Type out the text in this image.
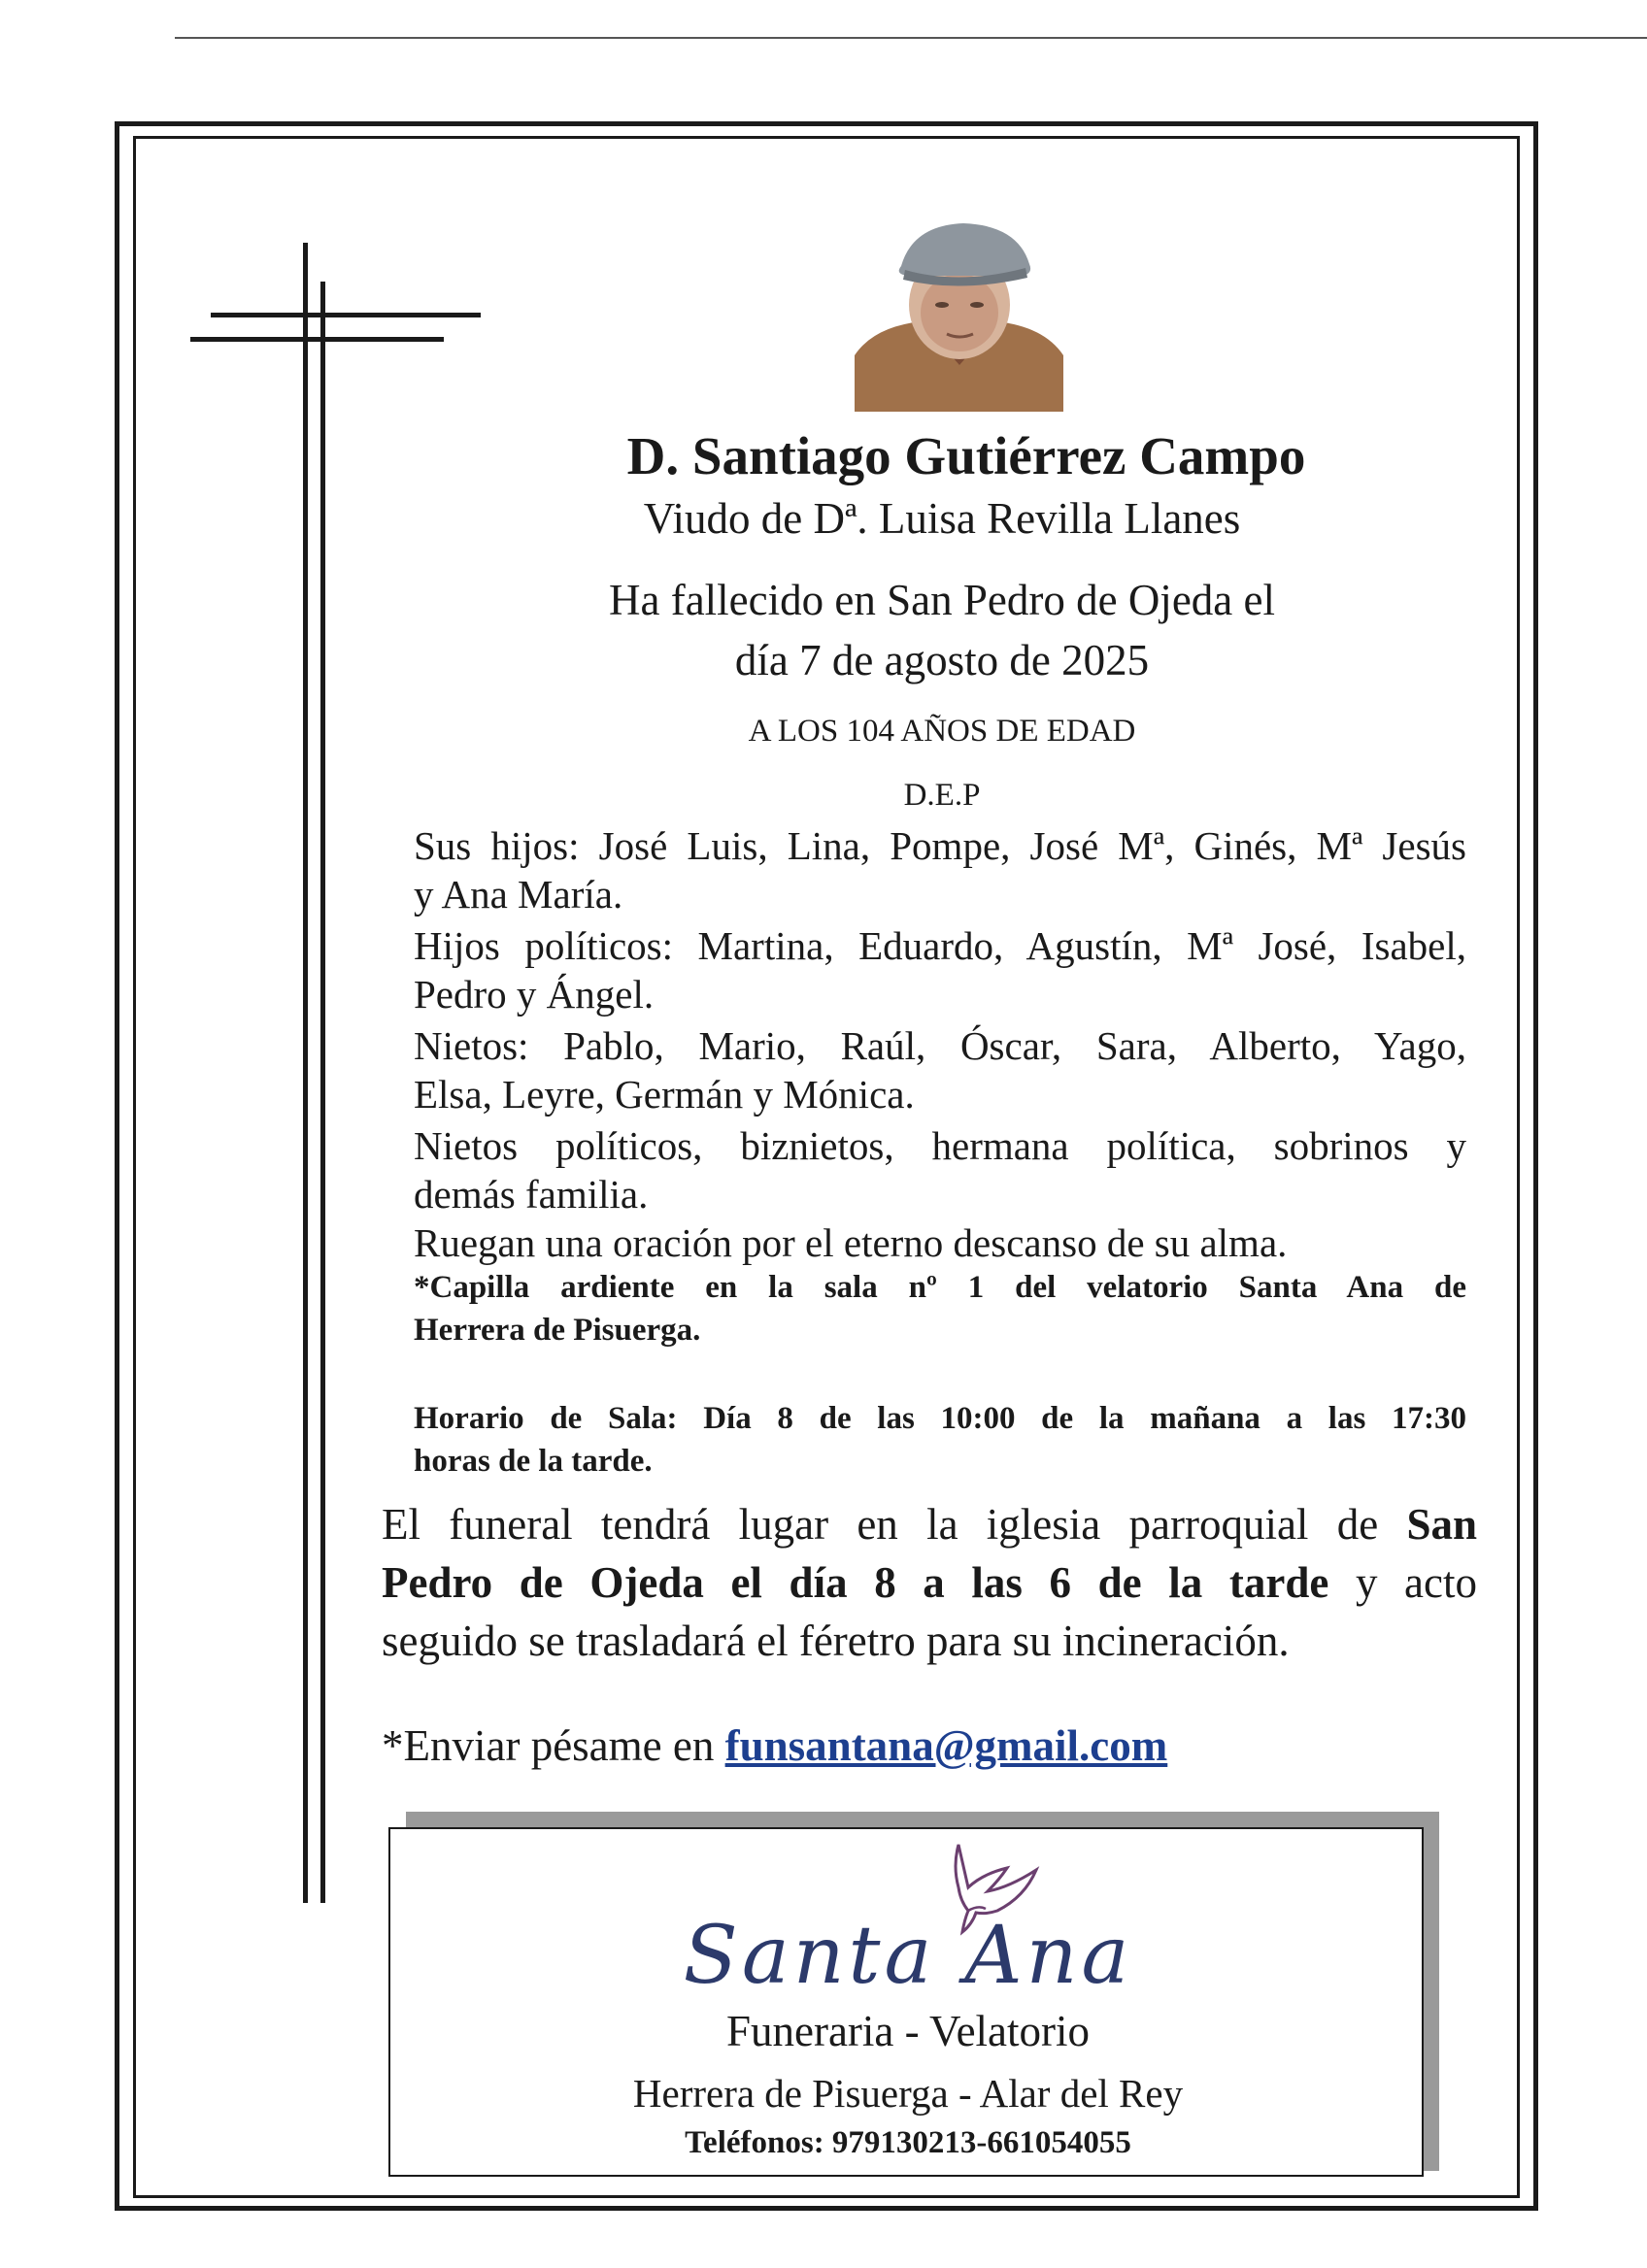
D. Santiago Gutiérrez Campo
Viudo de Dª. Luisa Revilla Llanes
Ha fallecido en San Pedro de Ojeda el
día 7 de agosto de 2025
A LOS 104 AÑOS DE EDAD
D.E.P
Sus hijos: José Luis, Lina, Pompe, José Mª, Ginés, Mª Jesús
y Ana María.
Hijos políticos: Martina, Eduardo, Agustín, Mª José, Isabel,
Pedro y Ángel.
Nietos: Pablo, Mario, Raúl, Óscar, Sara, Alberto, Yago,
Elsa, Leyre, Germán y Mónica.
Nietos políticos, biznietos, hermana política, sobrinos y
demás familia.
Ruegan una oración por el eterno descanso de su alma.
*Capilla ardiente en la sala nº 1 del velatorio Santa Ana de
Herrera de Pisuerga.
Horario de Sala: Día 8 de las 10:00 de la mañana a las 17:30
horas de la tarde.
El funeral tendrá lugar en la iglesia parroquial de San
Pedro de Ojeda el día 8 a las 6 de la tarde y acto
seguido se trasladará el féretro para su incineración.
*Enviar pésame en funsantana@gmail.com
Santa Ana
Funeraria - Velatorio
Herrera de Pisuerga - Alar del Rey
Teléfonos: 979130213-661054055
